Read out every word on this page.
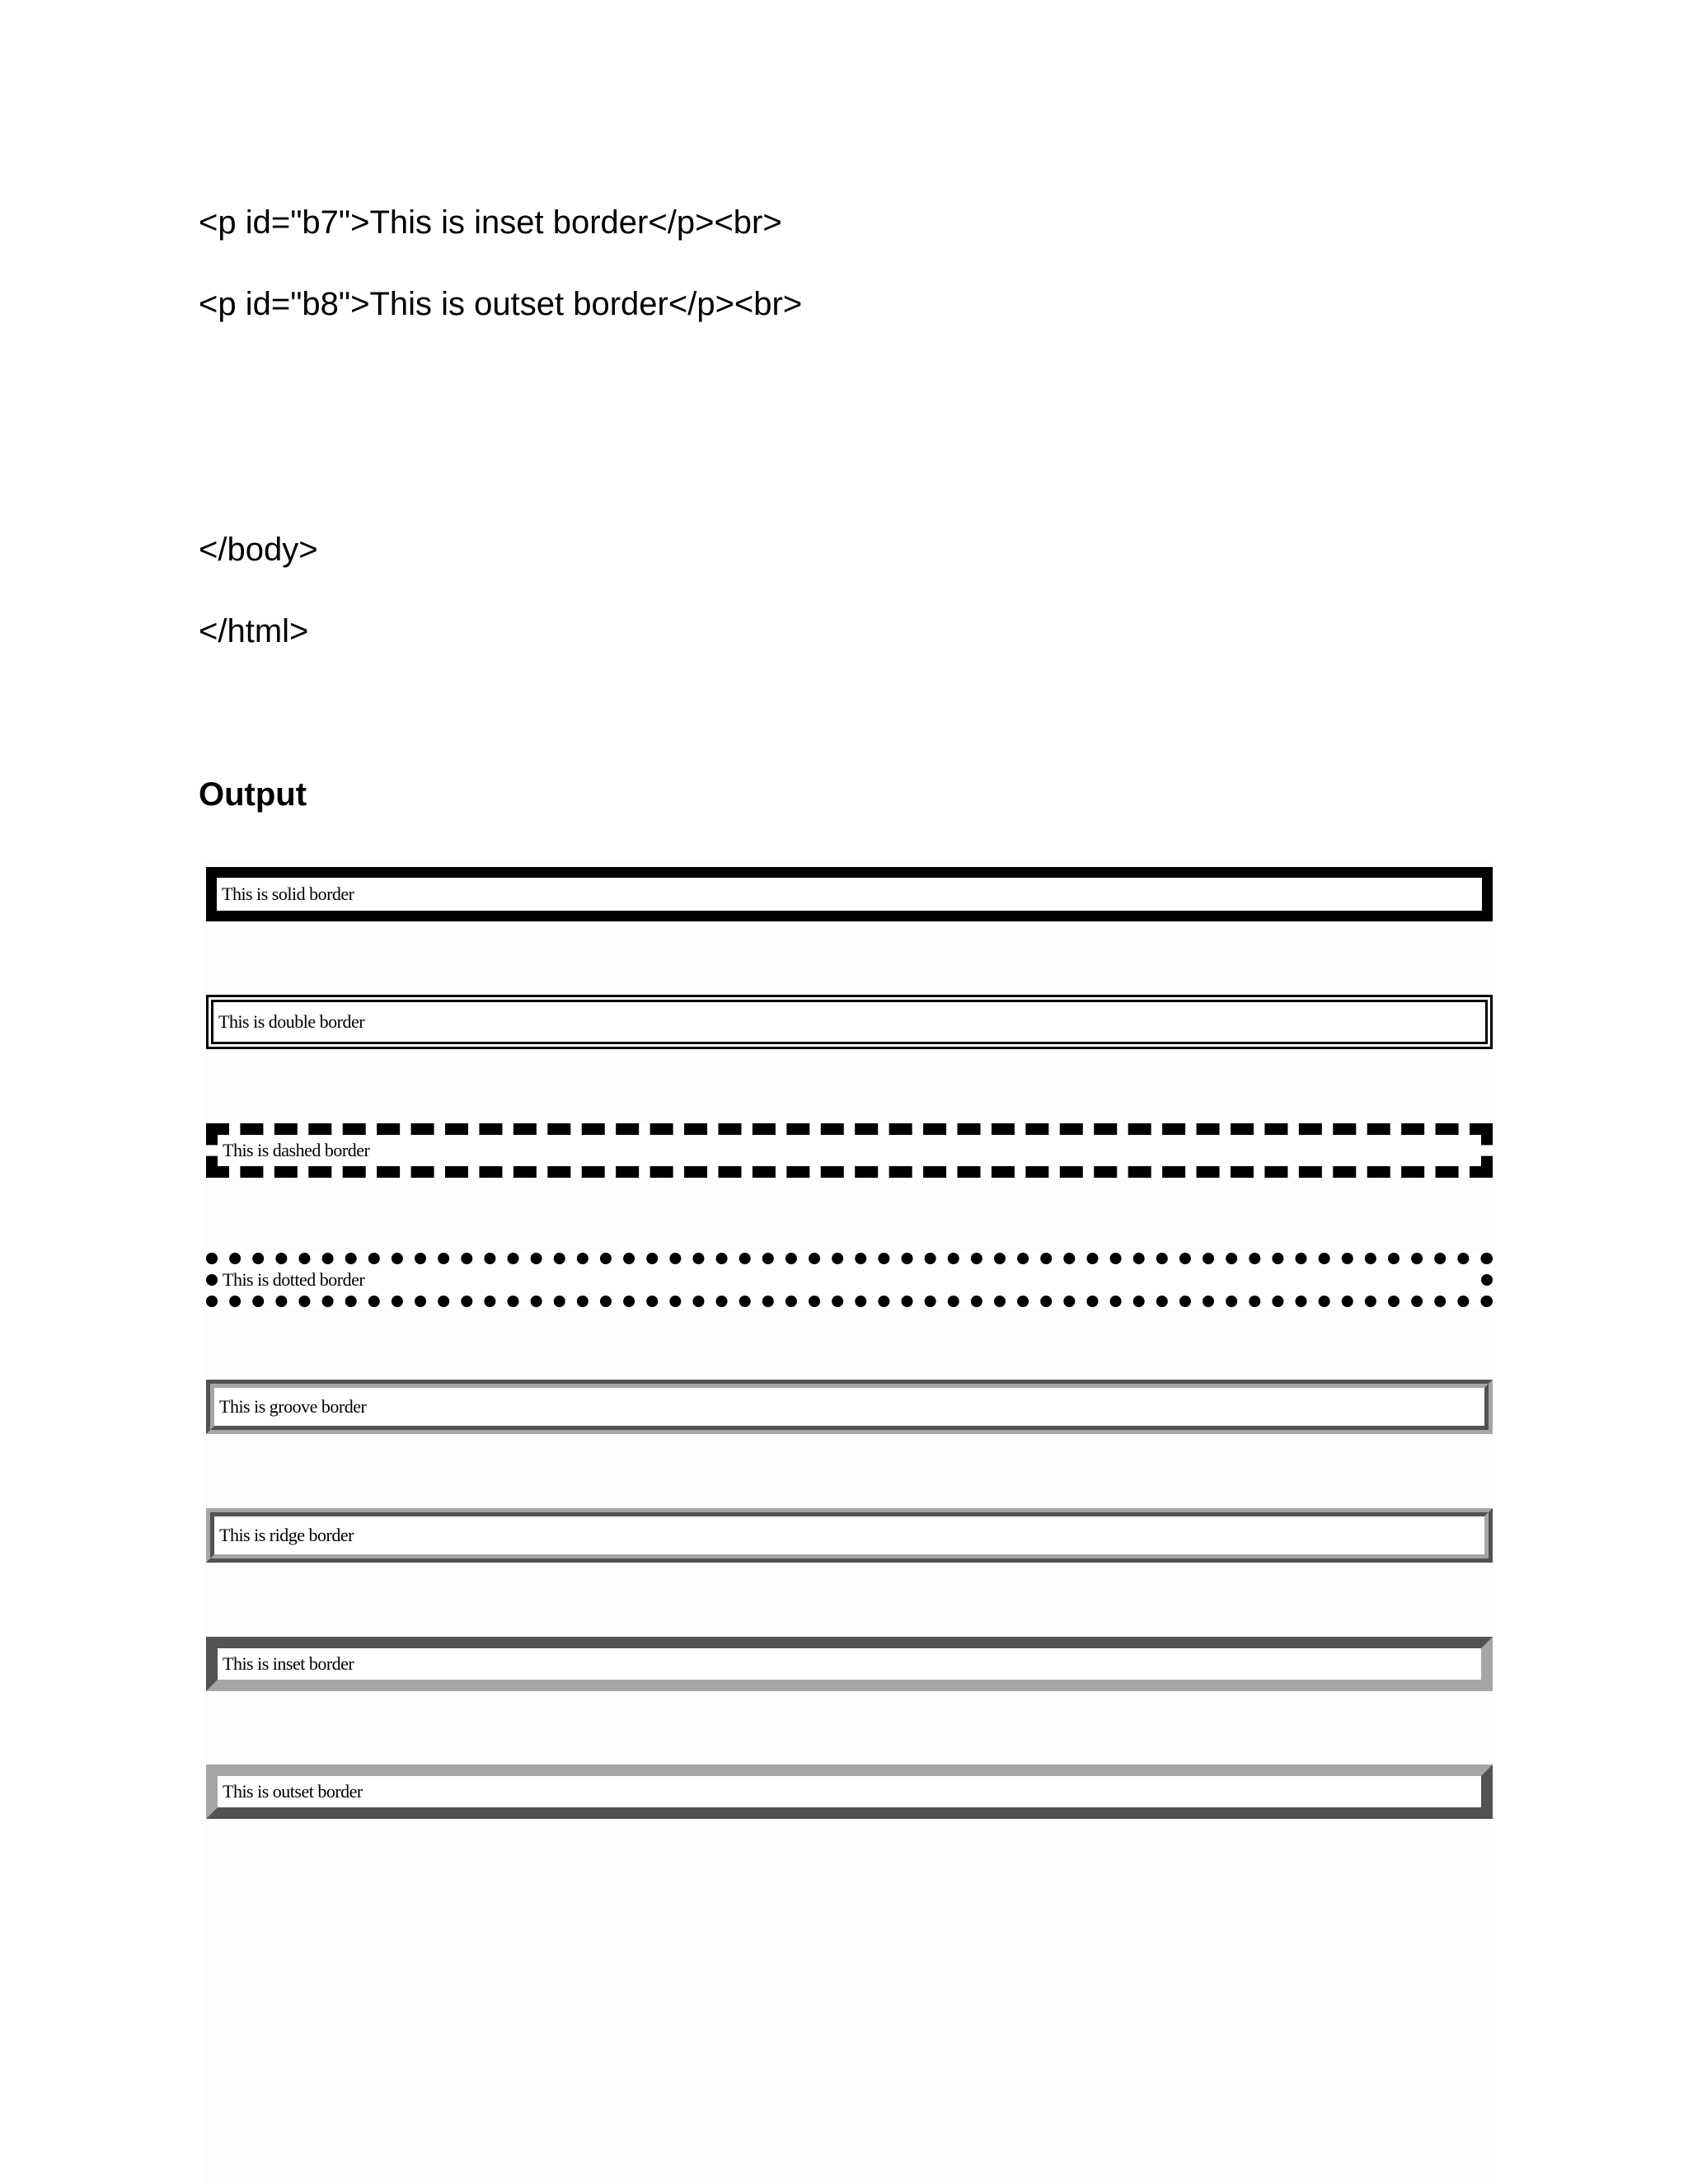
<p id="b7">This is inset border</p><br>
<p id="b8">This is outset border</p><br>
</body>
</html>
Output
This is solid border
This is double border
This is dashed border
This is dotted border
This is groove border
This is ridge border
This is inset border
This is outset border
